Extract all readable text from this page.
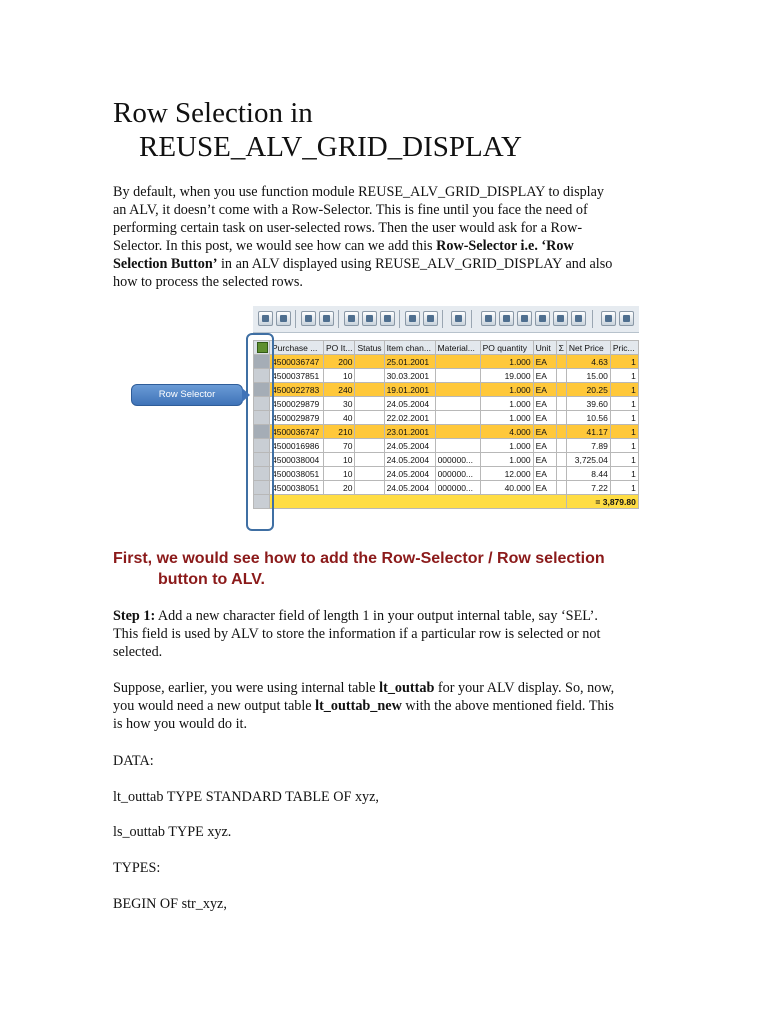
Row Selection in
REUSE_ALV_GRID_DISPLAY
By default, when you use function module REUSE_ALV_GRID_DISPLAY to display
an ALV, it doesn’t come with a Row-Selector. This is fine until you face the need of
performing certain task on user-selected rows. Then the user would ask for a Row-
Selector. In this post, we would see how can we add this Row-Selector i.e. ‘Row
Selection Button’ in an ALV displayed using REUSE_ALV_GRID_DISPLAY and also
how to process the selected rows.
	Purchase ...	PO It...	Status	Item chan...	Material...	PO quantity	Unit	Σ	Net Price	Pric...
	4500036747	200		25.01.2001		1.000	EA		4.63	1
	4500037851	10		30.03.2001		19.000	EA		15.00	1
	4500022783	240		19.01.2001		1.000	EA		20.25	1
	4500029879	30		24.05.2004		1.000	EA		39.60	1
	4500029879	40		22.02.2001		1.000	EA		10.56	1
	4500036747	210		23.01.2001		4.000	EA		41.17	1
	4500016986	70		24.05.2004		1.000	EA		7.89	1
	4500038004	10		24.05.2004	000000...	1.000	EA		3,725.04	1
	4500038051	10		24.05.2004	000000...	12.000	EA		8.44	1
	4500038051	20		24.05.2004	000000...	40.000	EA		7.22	1
									= 3,879.80	
Row Selector
First, we would see how to add the Row-Selector / Row selection
button to ALV.
Step 1: Add a new character field of length 1 in your output internal table, say ‘SEL’.
This field is used by ALV to store the information if a particular row is selected or not
selected.
Suppose, earlier, you were using internal table lt_outtab for your ALV display. So, now,
you would need a new output table lt_outtab_new with the above mentioned field. This
is how you would do it.

DATA:

lt_outtab TYPE STANDARD TABLE OF xyz,

ls_outtab TYPE xyz.

TYPES:

BEGIN OF str_xyz,
